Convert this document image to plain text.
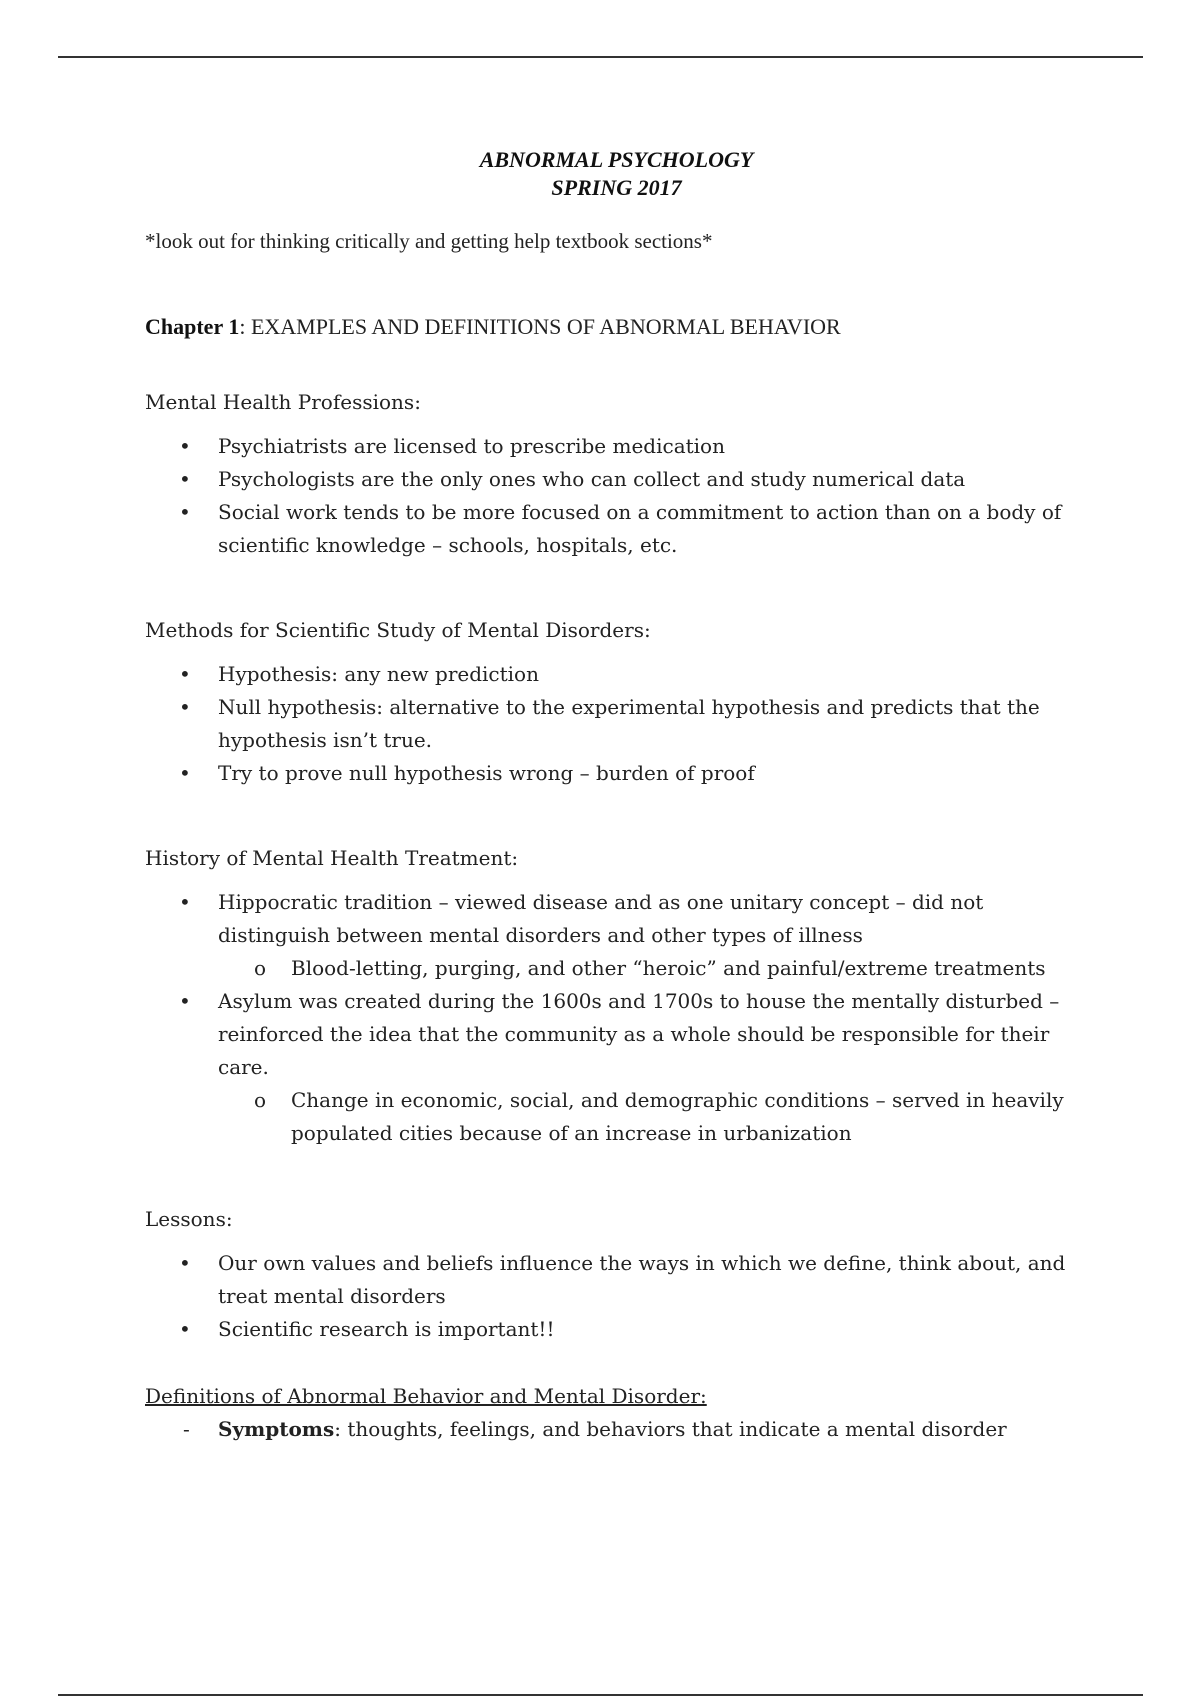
ABNORMAL PSYCHOLOGY
SPRING 2017
*look out for thinking critically and getting help textbook sections*
Chapter 1: EXAMPLES AND DEFINITIONS OF ABNORMAL BEHAVIOR
Mental Health Professions:
• Psychiatrists are licensed to prescribe medication
• Psychologists are the only ones who can collect and study numerical data
• Social work tends to be more focused on a commitment to action than on a body of scientific knowledge – schools, hospitals, etc.
Methods for Scientific Study of Mental Disorders:
• Hypothesis: any new prediction
• Null hypothesis: alternative to the experimental hypothesis and predicts that the hypothesis isn’t true.
• Try to prove null hypothesis wrong – burden of proof
History of Mental Health Treatment:
• Hippocratic tradition – viewed disease and as one unitary concept – did not distinguish between mental disorders and other types of illness
o Blood-letting, purging, and other “heroic” and painful/extreme treatments
• Asylum was created during the 1600s and 1700s to house the mentally disturbed – reinforced the idea that the community as a whole should be responsible for their care.
o Change in economic, social, and demographic conditions – served in heavily populated cities because of an increase in urbanization
Lessons:
• Our own values and beliefs influence the ways in which we define, think about, and treat mental disorders
• Scientific research is important!!
Definitions of Abnormal Behavior and Mental Disorder:
- Symptoms: thoughts, feelings, and behaviors that indicate a mental disorder
